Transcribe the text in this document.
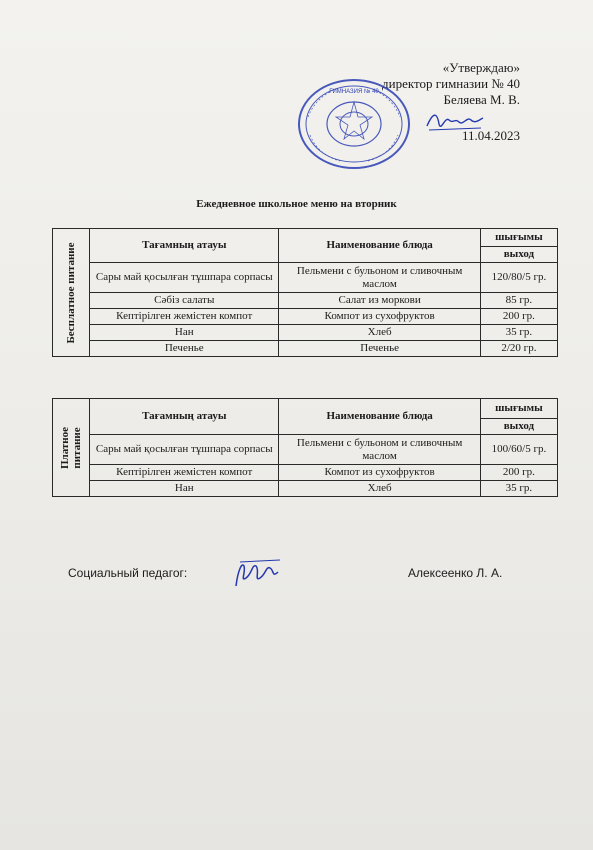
«Утверждаю»
директор гимназии № 40
Беляева М. В.
11.04.2023
ГИМНАЗИЯ № 40
Ежедневное школьное меню на вторник
Бесплатное питание	Тағамның атауы	Наименование блюда	шығымы
			выход
	Сары май қосылған тұшпара сорпасы	Пельмени с бульоном и сливочным маслом	120/80/5 гр.
	Сәбіз салаты	Салат из моркови	85 гр.
	Кептірілген жемістен компот	Компот из сухофруктов	200 гр.
	Нан	Хлеб	35 гр.
	Печенье	Печенье	2/20 гр.
Платное
питание	Тағамның атауы	Наименование блюда	шығымы
			выход
	Сары май қосылған тұшпара сорпасы	Пельмени с бульоном и сливочным маслом	100/60/5 гр.
	Кептірілген жемістен компот	Компот из сухофруктов	200 гр.
	Нан	Хлеб	35 гр.
Социальный педагог:	Алексеенко Л. А.
